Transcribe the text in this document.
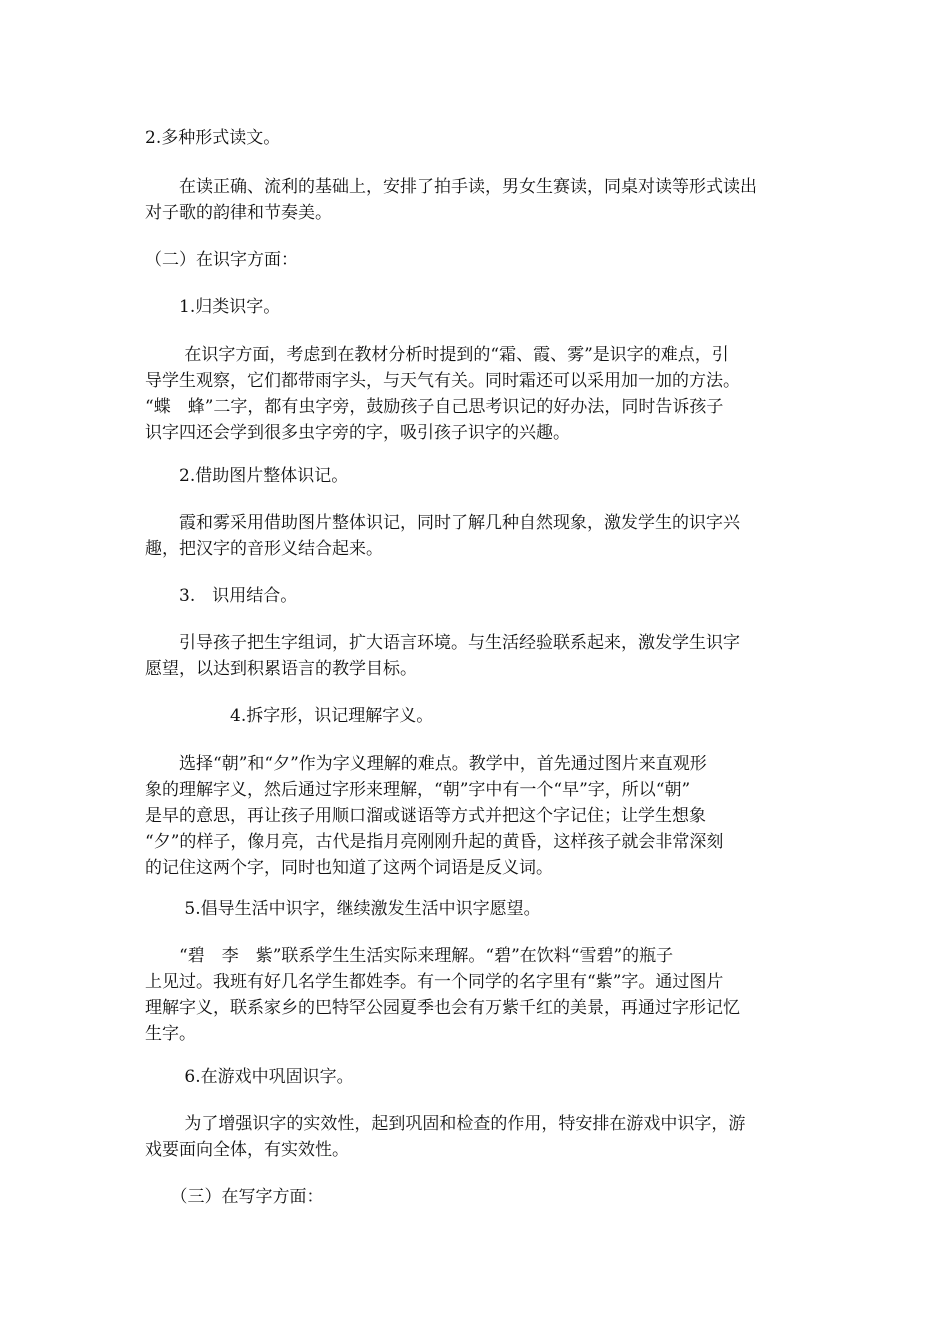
2.多种形式读文。
　　在读正确、流利的基础上，安排了拍手读，男女生赛读，同桌对读等形式读出
对子歌的韵律和节奏美。
（二）在识字方面：
　　1.归类识字。
　　 在识字方面，考虑到在教材分析时提到的“霜、霞、雾”是识字的难点，引
导学生观察，它们都带雨字头，与天气有关。同时霜还可以采用加一加的方法。
“蝶　蜂”二字，都有虫字旁，鼓励孩子自己思考识记的好办法，同时告诉孩子
识字四还会学到很多虫字旁的字，吸引孩子识字的兴趣。
　　2.借助图片整体识记。
　　霞和雾采用借助图片整体识记，同时了解几种自然现象，激发学生的识字兴
趣，把汉字的音形义结合起来。
　　3.　识用结合。
　　引导孩子把生字组词，扩大语言环境。与生活经验联系起来，激发学生识字
愿望，以达到积累语言的教学目标。
　　　　　4.拆字形，识记理解字义。
　　选择“朝”和“夕”作为字义理解的难点。教学中，首先通过图片来直观形
象的理解字义，然后通过字形来理解，“朝”字中有一个“早”字，所以“朝”
是早的意思，再让孩子用顺口溜或谜语等方式并把这个字记住；让学生想象
“夕”的样子，像月亮，古代是指月亮刚刚升起的黄昏，这样孩子就会非常深刻
的记住这两个字，同时也知道了这两个词语是反义词。
　　 5.倡导生活中识字，继续激发生活中识字愿望。
　　“碧　李　紫”联系学生生活实际来理解。“碧”在饮料“雪碧”的瓶子
上见过。我班有好几名学生都姓李。有一个同学的名字里有“紫”字。通过图片
理解字义，联系家乡的巴特罕公园夏季也会有万紫千红的美景，再通过字形记忆
生字。
　　 6.在游戏中巩固识字。
　　 为了增强识字的实效性，起到巩固和检查的作用，特安排在游戏中识字，游
戏要面向全体，有实效性。
　　（三）在写字方面：
